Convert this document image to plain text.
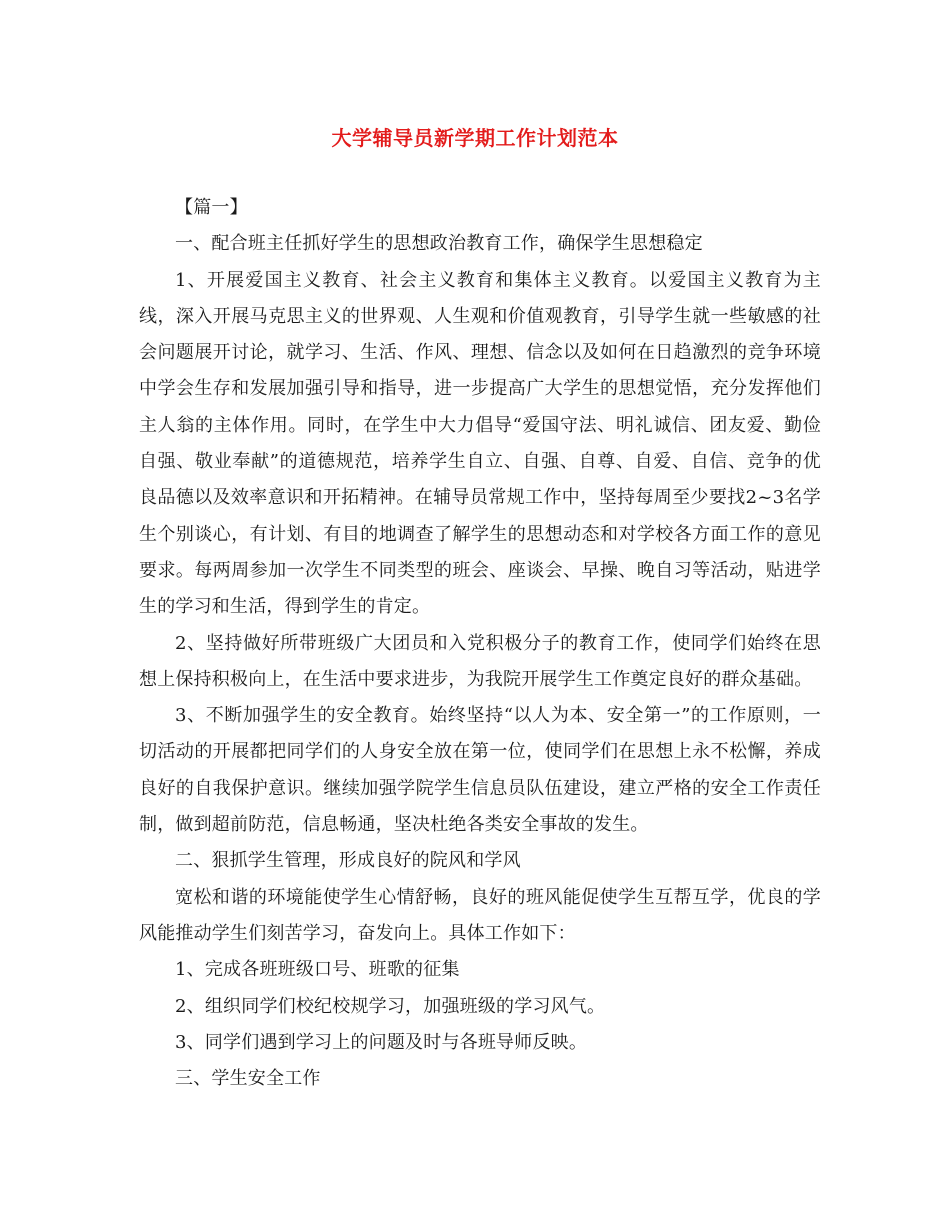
大学辅导员新学期工作计划范本

【篇一】

一、配合班主任抓好学生的思想政治教育工作，确保学生思想稳定

1、开展爱国主义教育、社会主义教育和集体主义教育。以爱国主义教育为主线，深入开展马克思主义的世界观、人生观和价值观教育，引导学生就一些敏感的社会问题展开讨论，就学习、生活、作风、理想、信念以及如何在日趋激烈的竞争环境中学会生存和发展加强引导和指导，进一步提高广大学生的思想觉悟，充分发挥他们主人翁的主体作用。同时，在学生中大力倡导“爱国守法、明礼诚信、团友爱、勤俭自强、敬业奉献”的道德规范，培养学生自立、自强、自尊、自爱、自信、竞争的优良品德以及效率意识和开拓精神。在辅导员常规工作中，坚持每周至少要找2~3名学生个别谈心，有计划、有目的地调查了解学生的思想动态和对学校各方面工作的意见要求。每两周参加一次学生不同类型的班会、座谈会、早操、晚自习等活动，贴进学生的学习和生活，得到学生的肯定。

2、坚持做好所带班级广大团员和入党积极分子的教育工作，使同学们始终在思想上保持积极向上，在生活中要求进步，为我院开展学生工作奠定良好的群众基础。

3、不断加强学生的安全教育。始终坚持“以人为本、安全第一”的工作原则，一切活动的开展都把同学们的人身安全放在第一位，使同学们在思想上永不松懈，养成良好的自我保护意识。继续加强学院学生信息员队伍建设，建立严格的安全工作责任制，做到超前防范，信息畅通，坚决杜绝各类安全事故的发生。

二、狠抓学生管理，形成良好的院风和学风

宽松和谐的环境能使学生心情舒畅，良好的班风能促使学生互帮互学，优良的学风能推动学生们刻苦学习，奋发向上。具体工作如下：

1、完成各班班级口号、班歌的征集

2、组织同学们校纪校规学习，加强班级的学习风气。

3、同学们遇到学习上的问题及时与各班导师反映。

三、学生安全工作
